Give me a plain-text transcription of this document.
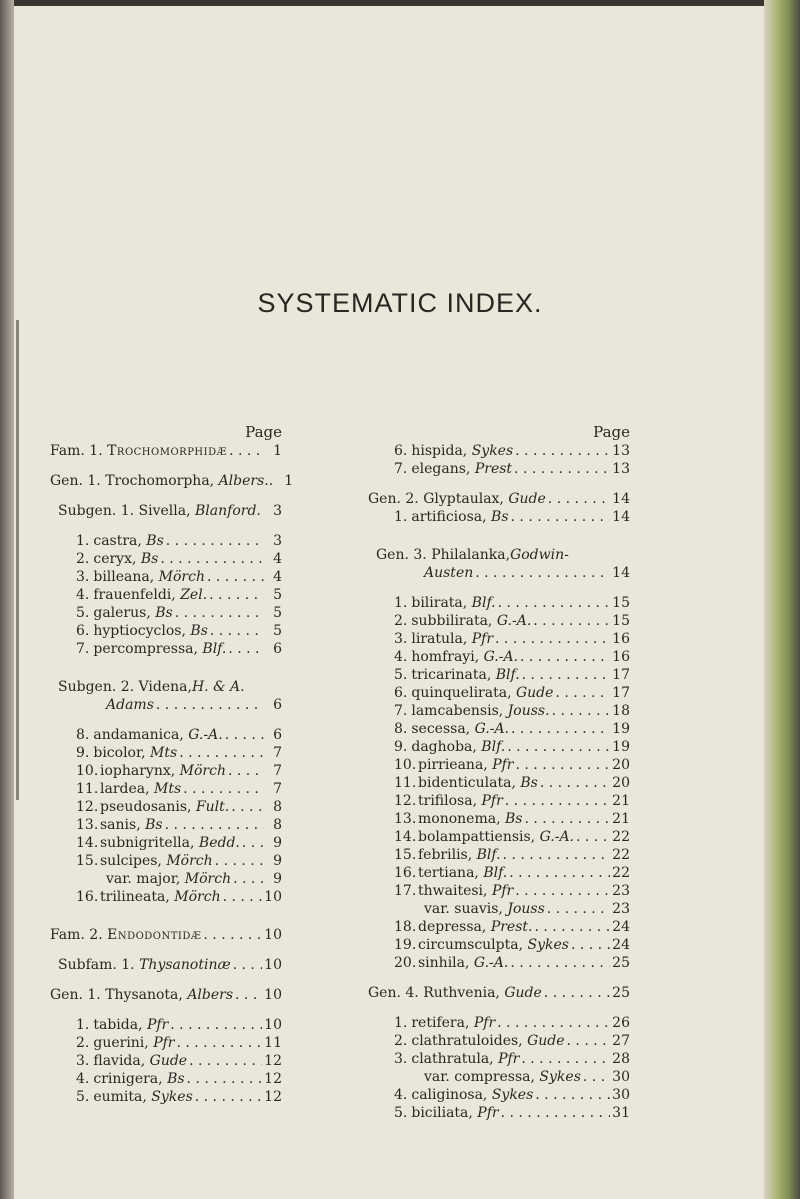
SYSTEMATIC INDEX.
Page
Fam. 1. Trochomorphidæ . . .	1
Gen. 1. Trochomorpha, Albers.. 1
Subgen. 1. Sivella, Blanford. . . . 3
1. castra, Bs . . .	3
2. ceryx, Bs . . .	4
3. billeana, Mörch . . .	4
4. frauenfeldi, Zel. . . .	5
5. galerus, Bs . . .	5
6. hyptiocyclos, Bs . . .	5
7. percompressa, Blf. . . .	6
Subgen. 2. Videna, H. & A.
Adams . . .	6
8. andamanica, G.-A. . . .	6
9. bicolor, Mts . . .	7
10. iopharynx, Mörch . . .	7
11. lardea, Mts . . .	7
12. pseudosanis, Fult. . . .	8
13. sanis, Bs . . .	8
14. subnigritella, Bedd. . . .	9
15. sulcipes, Mörch . . .	9
var. major, Mörch . . .	9
16. trilineata, Mörch . . .	10
Fam. 2. Endodontidæ . . .	10
Subfam. 1. Thysanotinæ . . . 10
Gen. 1. Thysanota, Albers . . . 10
1. tabida, Pfr . . .	10
2. guerini, Pfr . . .	11
3. flavida, Gude . . .	12
4. crinigera, Bs . . .	12
5. eumita, Sykes . . .	12
Page
6. hispida, Sykes . . .	13
7. elegans, Prest . . .	13
Gen. 2. Glyptaulax, Gude . . .	14
1. artificiosa, Bs . . .	14
Gen. 3. Philalanka, Godwin-
Austen . . .	14
1. bilirata, Blf. . . .	15
2. subbilirata, G.-A. . . .	15
3. liratula, Pfr . . .	16
4. homfrayi, G.-A. . . .	16
5. tricarinata, Blf. . . .	17
6. quinquelirata, Gude . . .	17
7. lamcabensis, Jouss. . . .	18
8. secessa, G.-A. . . .	19
9. daghoba, Blf. . . .	19
10. pirrieana, Pfr . . .	20
11. bidenticulata, Bs . . .	20
12. trifilosa, Pfr . . .	21
13. mononema, Bs . . .	21
14. bolampattiensis, G.-A. . . .	22
15. febrilis, Blf. . . .	22
16. tertiana, Blf. . . .	22
17. thwaitesi, Pfr . . .	23
var. suavis, Jouss . . .	23
18. depressa, Prest. . . .	24
19. circumsculpta, Sykes . . .	24
20. sinhila, G.-A. . . .	25
Gen. 4. Ruthvenia, Gude . . .	25
1. retifera, Pfr . . .	26
2. clathratuloides, Gude . . .	27
3. clathratula, Pfr . . .	28
var. compressa, Sykes . . . 30
4. caliginosa, Sykes . . .	30
5. biciliata, Pfr . . .	31
